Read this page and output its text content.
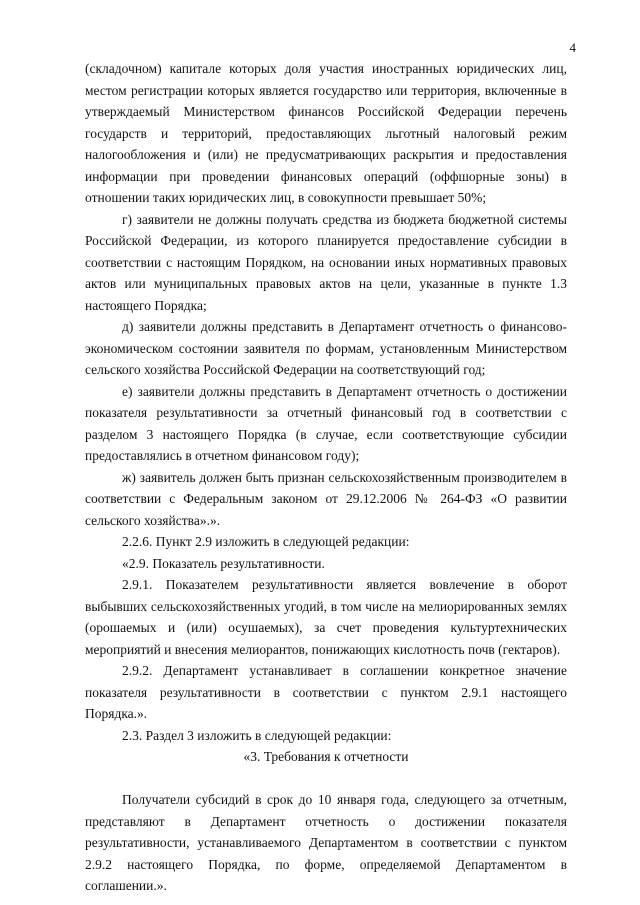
4

(складочном) капитале которых доля участия иностранных юридических лиц, местом регистрации которых является государство или территория, включенные в утверждаемый Министерством финансов Российской Федерации перечень государств и территорий, предоставляющих льготный налоговый режим налогообложения и (или) не предусматривающих раскрытия и предоставления информации при проведении финансовых операций (оффшорные зоны) в отношении таких юридических лиц, в совокупности превышает 50%;

г) заявители не должны получать средства из бюджета бюджетной системы Российской Федерации, из которого планируется предоставление субсидии в соответствии с настоящим Порядком, на основании иных нормативных правовых актов или муниципальных правовых актов на цели, указанные в пункте 1.3 настоящего Порядка;

д) заявители должны представить в Департамент отчетность о финансово-экономическом состоянии заявителя по формам, установленным Министерством сельского хозяйства Российской Федерации на соответствующий год;

е) заявители должны представить в Департамент отчетность о достижении показателя результативности за отчетный финансовый год в соответствии с разделом 3 настоящего Порядка (в случае, если соответствующие субсидии предоставлялись в отчетном финансовом году);

ж) заявитель должен быть признан сельскохозяйственным производителем в соответствии с Федеральным законом от 29.12.2006 № 264-ФЗ «О развитии сельского хозяйства».».

2.2.6. Пункт 2.9 изложить в следующей редакции:

«2.9. Показатель результативности.

2.9.1. Показателем результативности является вовлечение в оборот выбывших сельскохозяйственных угодий, в том числе на мелиорированных землях (орошаемых и (или) осушаемых), за счет проведения культуртехнических мероприятий и внесения мелиорантов, понижающих кислотность почв (гектаров).

2.9.2. Департамент устанавливает в соглашении конкретное значение показателя результативности в соответствии с пунктом 2.9.1 настоящего Порядка.».

2.3. Раздел 3 изложить в следующей редакции:

«3. Требования к отчетности

Получатели субсидий в срок до 10 января года, следующего за отчетным, представляют в Департамент отчетность о достижении показателя результативности, устанавливаемого Департаментом в соответствии с пунктом 2.9.2 настоящего Порядка, по форме, определяемой Департаментом в соглашении.».
